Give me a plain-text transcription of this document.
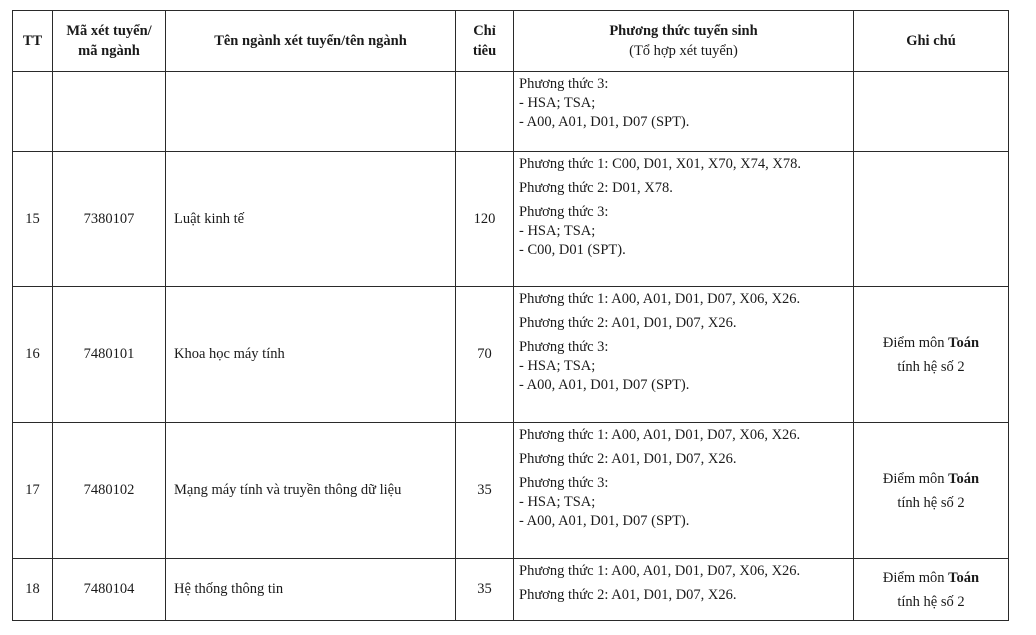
TT	Mã xét tuyển/
mã ngành	Tên ngành xét tuyển/tên ngành	Chỉ
tiêu	Phương thức tuyển sinh
(Tổ hợp xét tuyển)	Ghi chú

				Phương thức 3:
- HSA; TSA;
- A00, A01, D01, D07 (SPT).	

15	7380107	Luật kinh tế	120	Phương thức 1: C00, D01, X01, X70, X74, X78.
Phương thức 2: D01, X78.
Phương thức 3:
- HSA; TSA;
- C00, D01 (SPT).	

16	7480101	Khoa học máy tính	70	Phương thức 1: A00, A01, D01, D07, X06, X26.
Phương thức 2: A01, D01, D07, X26.
Phương thức 3:
- HSA; TSA;
- A00, A01, D01, D07 (SPT).	Điểm môn Toán
tính hệ số 2

17	7480102	Mạng máy tính và truyền thông dữ liệu	35	Phương thức 1: A00, A01, D01, D07, X06, X26.
Phương thức 2: A01, D01, D07, X26.
Phương thức 3:
- HSA; TSA;
- A00, A01, D01, D07 (SPT).	Điểm môn Toán
tính hệ số 2

18	7480104	Hệ thống thông tin	35	Phương thức 1: A00, A01, D01, D07, X06, X26.
Phương thức 2: A01, D01, D07, X26.	Điểm môn Toán
tính hệ số 2
